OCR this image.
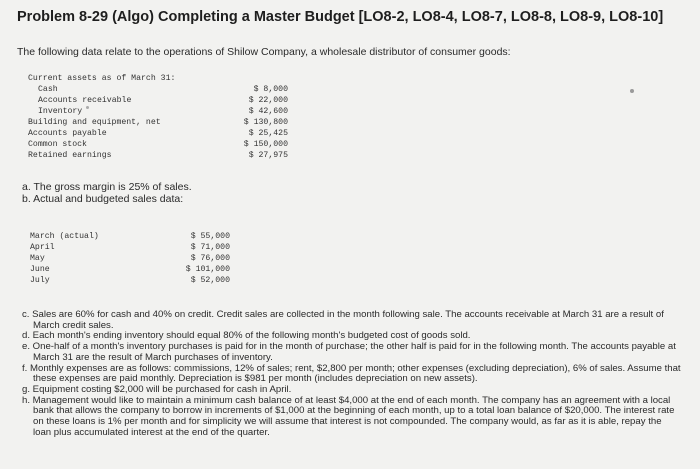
Problem 8-29 (Algo) Completing a Master Budget [LO8-2, LO8-4, LO8-7, LO8-8, LO8-9, LO8-10]
The following data relate to the operations of Shilow Company, a wholesale distributor of consumer goods:
Current assets as of March 31:
Cash	$ 8,000
Accounts receivable	$ 22,000
Inventory	$ 42,600
Building and equipment, net	$ 130,800
Accounts payable	$ 25,425
Common stock	$ 150,000
Retained earnings	$ 27,975
a. The gross margin is 25% of sales.
b. Actual and budgeted sales data:
March (actual)	$ 55,000
April	$ 71,000
May	$ 76,000
June	$ 101,000
July	$ 52,000
c. Sales are 60% for cash and 40% on credit. Credit sales are collected in the month following sale. The accounts receivable at March 31 are a result of March credit sales.
d. Each month's ending inventory should equal 80% of the following month's budgeted cost of goods sold.
e. One-half of a month's inventory purchases is paid for in the month of purchase; the other half is paid for in the following month. The accounts payable at March 31 are the result of March purchases of inventory.
f. Monthly expenses are as follows: commissions, 12% of sales; rent, $2,800 per month; other expenses (excluding depreciation), 6% of sales. Assume that these expenses are paid monthly. Depreciation is $981 per month (includes depreciation on new assets).
g. Equipment costing $2,000 will be purchased for cash in April.
h. Management would like to maintain a minimum cash balance of at least $4,000 at the end of each month. The company has an agreement with a local bank that allows the company to borrow in increments of $1,000 at the beginning of each month, up to a total loan balance of $20,000. The interest rate on these loans is 1% per month and for simplicity we will assume that interest is not compounded. The company would, as far as it is able, repay the loan plus accumulated interest at the end of the quarter.
